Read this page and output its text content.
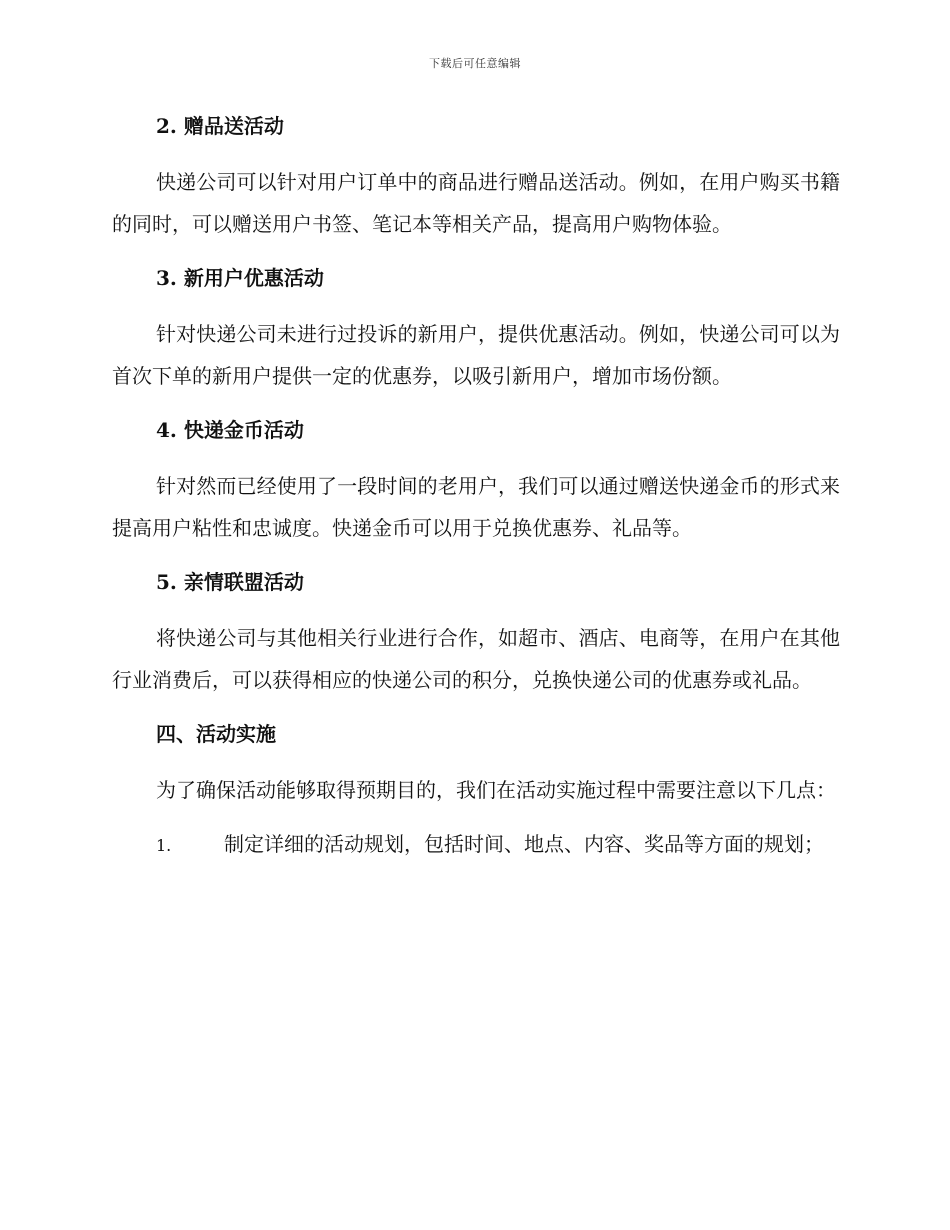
下载后可任意编辑
2. 赠品送活动

快递公司可以针对用户订单中的商品进行赠品送活动。例如，在用户购买书籍的同时，可以赠送用户书签、笔记本等相关产品，提高用户购物体验。

3. 新用户优惠活动

针对快递公司未进行过投诉的新用户，提供优惠活动。例如，快递公司可以为首次下单的新用户提供一定的优惠券，以吸引新用户，增加市场份额。

4. 快递金币活动

针对然而已经使用了一段时间的老用户，我们可以通过赠送快递金币的形式来提高用户粘性和忠诚度。快递金币可以用于兑换优惠券、礼品等。

5. 亲情联盟活动

将快递公司与其他相关行业进行合作，如超市、酒店、电商等，在用户在其他行业消费后，可以获得相应的快递公司的积分，兑换快递公司的优惠券或礼品。

四、活动实施

为了确保活动能够取得预期目的，我们在活动实施过程中需要注意以下几点：

1.	制定详细的活动规划，包括时间、地点、内容、奖品等方面的规划；
